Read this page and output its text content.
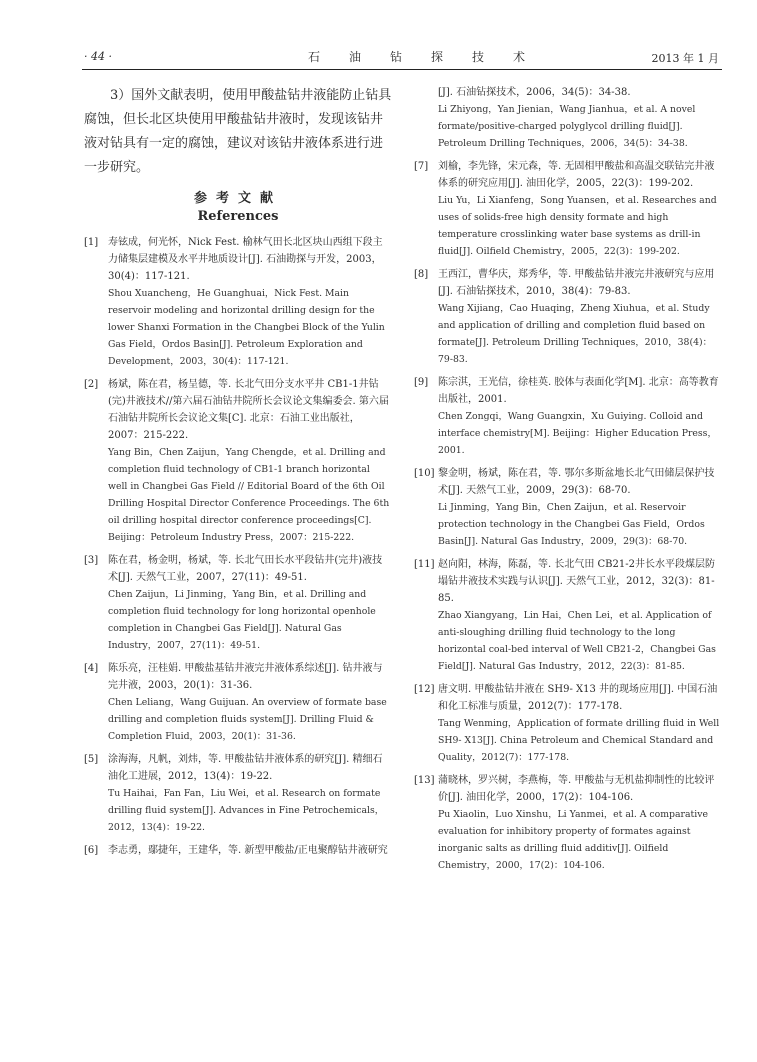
· 44 ·	石油钻探技术	2013 年 1 月

3）国外文献表明，使用甲酸盐钻井液能防止钻具腐蚀，但长北区块使用甲酸盐钻井液时，发现该钻井液对钻具有一定的腐蚀，建议对该钻井液体系进行进一步研究。

参考文献
References
[1] 寿铉成，何光怀，Nick Fest. 榆林气田长北区块山西组下段主力储集层建模及水平井地质设计[J]. 石油勘探与开发，2003，30(4)：117-121.
Shou Xuancheng，He Guanghuai，Nick Fest. Main reservoir modeling and horizontal drilling design for the lower Shanxi Formation in the Changbei Block of the Yulin Gas Field，Ordos Basin[J]. Petroleum Exploration and Development，2003，30(4)：117-121.
[2] 杨斌，陈在君，杨呈德，等. 长北气田分支水平井 CB1-1井钻(完)井液技术//第六届石油钻井院所长会议论文集编委会. 第六届石油钻井院所长会议论文集[C]. 北京：石油工业出版社，2007：215-222.
Yang Bin，Chen Zaijun，Yang Chengde，et al. Drilling and completion fluid technology of CB1-1 branch horizontal well in Changbei Gas Field // Editorial Board of the 6th Oil Drilling Hospital Director Conference Proceedings. The 6th oil drilling hospital director conference proceedings[C]. Beijing：Petroleum Industry Press，2007：215-222.
[3] 陈在君，杨金明，杨斌，等. 长北气田长水平段钻井(完井)液技术[J]. 天然气工业，2007，27(11)：49-51.
Chen Zaijun，Li Jinming，Yang Bin，et al. Drilling and completion fluid technology for long horizontal openhole completion in Changbei Gas Field[J]. Natural Gas Industry，2007，27(11)：49-51.
[4] 陈乐亮，汪桂娟. 甲酸盐基钻井液完井液体系综述[J]. 钻井液与完井液，2003，20(1)：31-36.
Chen Leliang，Wang Guijuan. An overview of formate base drilling and completion fluids system[J]. Drilling Fluid & Completion Fluid，2003，20(1)：31-36.
[5] 涂海海，凡帆，刘炜，等. 甲酸盐钻井液体系的研究[J]. 精细石油化工进展，2012，13(4)：19-22.
Tu Haihai，Fan Fan，Liu Wei，et al. Research on formate drilling fluid system[J]. Advances in Fine Petrochemicals，2012，13(4)：19-22.
[6] 李志勇，鄢捷年，王建华，等. 新型甲酸盐/正电聚醇钻井液研究
[J]. 石油钻探技术，2006，34(5)：34-38.
Li Zhiyong，Yan Jienian，Wang Jianhua，et al. A novel formate/positive-charged polyglycol drilling fluid[J]. Petroleum Drilling Techniques，2006，34(5)：34-38.
[7] 刘榆，李先锋，宋元森，等. 无固相甲酸盐和高温交联钻完井液体系的研究应用[J]. 油田化学，2005，22(3)：199-202.
Liu Yu，Li Xianfeng，Song Yuansen，et al. Researches and uses of solids-free high density formate and high temperature crosslinking water base systems as drill-in fluid[J]. Oilfield Chemistry，2005，22(3)：199-202.
[8] 王西江，曹华庆，郑秀华，等. 甲酸盐钻井液完井液研究与应用[J]. 石油钻探技术，2010，38(4)：79-83.
Wang Xijiang，Cao Huaqing，Zheng Xiuhua，et al. Study and application of drilling and completion fluid based on formate[J]. Petroleum Drilling Techniques，2010，38(4)：79-83.
[9] 陈宗淇，王光信，徐桂英. 胶体与表面化学[M]. 北京：高等教育出版社，2001.
Chen Zongqi，Wang Guangxin，Xu Guiying. Colloid and interface chemistry[M]. Beijing：Higher Education Press，2001.
[10] 黎金明，杨斌，陈在君，等. 鄂尔多斯盆地长北气田储层保护技术[J]. 天然气工业，2009，29(3)：68-70.
Li Jinming，Yang Bin，Chen Zaijun，et al. Reservoir protection technology in the Changbei Gas Field，Ordos Basin[J]. Natural Gas Industry，2009，29(3)：68-70.
[11] 赵向阳，林海，陈磊，等. 长北气田 CB21-2井长水平段煤层防塌钻井液技术实践与认识[J]. 天然气工业，2012，32(3)：81-85.
Zhao Xiangyang，Lin Hai，Chen Lei，et al. Application of anti-sloughing drilling fluid technology to the long horizontal coal-bed interval of Well CB21-2，Changbei Gas Field[J]. Natural Gas Industry，2012，22(3)：81-85.
[12] 唐文明. 甲酸盐钻井液在 SH9- X13 井的现场应用[J]. 中国石油和化工标准与质量，2012(7)：177-178.
Tang Wenming，Application of formate drilling fluid in Well SH9- X13[J]. China Petroleum and Chemical Standard and Quality，2012(7)：177-178.
[13] 蒲晓林，罗兴树，李燕梅，等. 甲酸盐与无机盐抑制性的比较评价[J]. 油田化学，2000，17(2)：104-106.
Pu Xiaolin，Luo Xinshu，Li Yanmei，et al. A comparative evaluation for inhibitory property of formates against inorganic salts as drilling fluid additiv[J]. Oilfield Chemistry，2000，17(2)：104-106.
